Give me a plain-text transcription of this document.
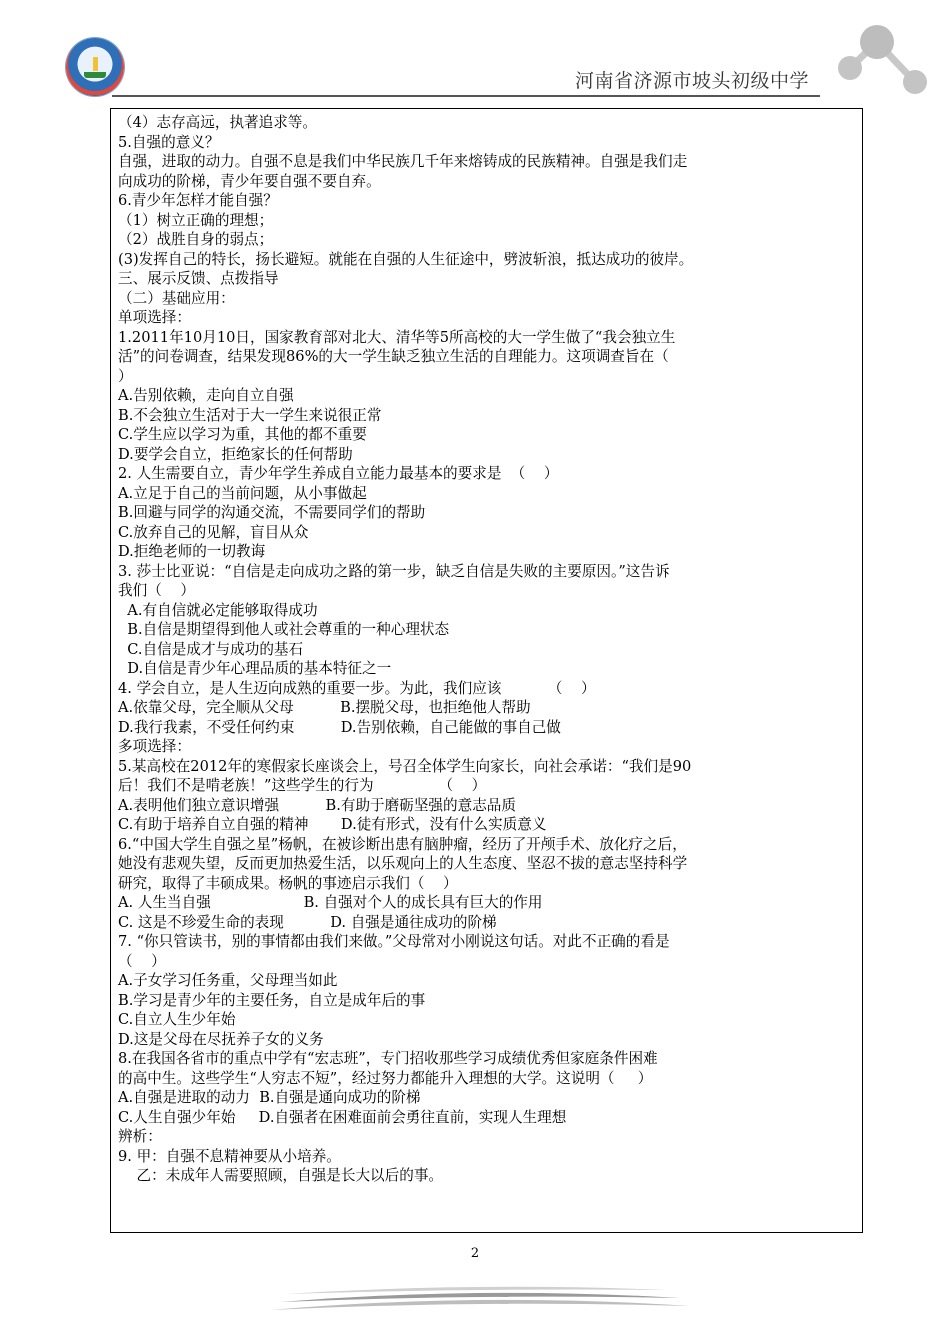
河南省济源市坡头初级中学
（4）志存高远，执著追求等。
5.自强的意义？
自强，进取的动力。自强不息是我们中华民族几千年来熔铸成的民族精神。自强是我们走
向成功的阶梯，青少年要自强不要自弃。
6.青少年怎样才能自强？
（1）树立正确的理想；
（2）战胜自身的弱点；
(3)发挥自己的特长，扬长避短。就能在自强的人生征途中，劈波斩浪，抵达成功的彼岸。
三、展示反馈、点拨指导
（二）基础应用：
单项选择：
1.2011年10月10日，国家教育部对北大、清华等5所高校的大一学生做了“我会独立生
活”的问卷调查，结果发现86%的大一学生缺乏独立生活的自理能力。这项调查旨在（
）
A.告别依赖，走向自立自强
B.不会独立生活对于大一学生来说很正常
C.学生应以学习为重，其他的都不重要
D.要学会自立，拒绝家长的任何帮助
2. 人生需要自立，青少年学生养成自立能力最基本的要求是  （    ）
A.立足于自己的当前问题，从小事做起
B.回避与同学的沟通交流，不需要同学们的帮助
C.放弃自己的见解，盲目从众
D.拒绝老师的一切教诲
3. 莎士比亚说：“自信是走向成功之路的第一步，缺乏自信是失败的主要原因。”这告诉
我们（    ）
A.有自信就必定能够取得成功
B.自信是期望得到他人或社会尊重的一种心理状态
C.自信是成才与成功的基石
D.自信是青少年心理品质的基本特征之一
4. 学会自立，是人生迈向成熟的重要一步。为此，我们应该          （    ）
A.依靠父母，完全顺从父母          B.摆脱父母，也拒绝他人帮助
D.我行我素，不受任何约束          D.告别依赖，自己能做的事自己做
多项选择：
5.某高校在2012年的寒假家长座谈会上，号召全体学生向家长，向社会承诺：“我们是90
后！我们不是啃老族！”这些学生的行为              （    ）
A.表明他们独立意识增强          B.有助于磨砺坚强的意志品质
C.有助于培养自立自强的精神       D.徒有形式，没有什么实质意义
6.“中国大学生自强之星”杨帆，在被诊断出患有脑肿瘤，经历了开颅手术、放化疗之后，
她没有悲观失望，反而更加热爱生活，以乐观向上的人生态度、坚忍不拔的意志坚持科学
研究，取得了丰硕成果。杨帆的事迹启示我们（    ）
A. 人生当自强                    B. 自强对个人的成长具有巨大的作用
C. 这是不珍爱生命的表现          D. 自强是通往成功的阶梯
7. “你只管读书，别的事情都由我们来做。”父母常对小刚说这句话。对此不正确的看是
（    ）
A.子女学习任务重，父母理当如此
B.学习是青少年的主要任务，自立是成年后的事
C.自立人生少年始
D.这是父母在尽抚养子女的义务
8.在我国各省市的重点中学有“宏志班”，专门招收那些学习成绩优秀但家庭条件困难
的高中生。这些学生“人穷志不短”，经过努力都能升入理想的大学。这说明（     ）
A.自强是进取的动力  B.自强是通向成功的阶梯
C.人生自强少年始     D.自强者在困难面前会勇往直前，实现人生理想
辨析：
9. 甲：自强不息精神要从小培养。
乙：未成年人需要照顾，自强是长大以后的事。
2
